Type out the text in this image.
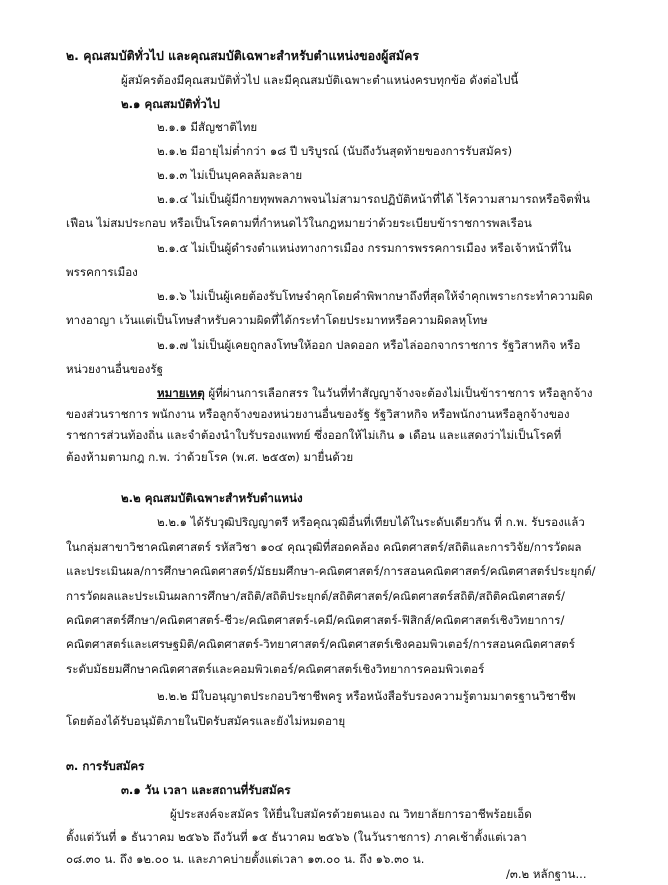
๒. คุณสมบัติทั่วไป และคุณสมบัติเฉพาะสำหรับตำแหน่งของผู้สมัคร
ผู้สมัครต้องมีคุณสมบัติทั่วไป และมีคุณสมบัติเฉพาะตำแหน่งครบทุกข้อ ดังต่อไปนี้
๒.๑ คุณสมบัติทั่วไป
๒.๑.๑ มีสัญชาติไทย
๒.๑.๒ มีอายุไม่ต่ำกว่า ๑๘ ปี บริบูรณ์ (นับถึงวันสุดท้ายของการรับสมัคร)
๒.๑.๓ ไม่เป็นบุคคลล้มละลาย
๒.๑.๔ ไม่เป็นผู้มีกายทุพพลภาพจนไม่สามารถปฏิบัติหน้าที่ได้ ไร้ความสามารถหรือจิตฟั่น
เฟือน ไม่สมประกอบ หรือเป็นโรคตามที่กำหนดไว้ในกฎหมายว่าด้วยระเบียบข้าราชการพลเรือน
๒.๑.๕ ไม่เป็นผู้ดำรงตำแหน่งทางการเมือง กรรมการพรรคการเมือง หรือเจ้าหน้าที่ใน
พรรคการเมือง
๒.๑.๖ ไม่เป็นผู้เคยต้องรับโทษจำคุกโดยคำพิพากษาถึงที่สุดให้จำคุกเพราะกระทำความผิด
ทางอาญา เว้นแต่เป็นโทษสำหรับความผิดที่ได้กระทำโดยประมาทหรือความผิดลหุโทษ
๒.๑.๗ ไม่เป็นผู้เคยถูกลงโทษให้ออก ปลดออก หรือไล่ออกจากราชการ รัฐวิสาหกิจ หรือ
หน่วยงานอื่นของรัฐ
หมายเหตุ ผู้ที่ผ่านการเลือกสรร ในวันที่ทำสัญญาจ้างจะต้องไม่เป็นข้าราชการ หรือลูกจ้าง
ของส่วนราชการ พนักงาน หรือลูกจ้างของหน่วยงานอื่นของรัฐ รัฐวิสาหกิจ หรือพนักงานหรือลูกจ้างของ
ราชการส่วนท้องถิ่น และจำต้องนำใบรับรองแพทย์ ซึ่งออกให้ไม่เกิน ๑ เดือน และแสดงว่าไม่เป็นโรคที่
ต้องห้ามตามกฎ ก.พ. ว่าด้วยโรค (พ.ศ. ๒๕๕๓) มายื่นด้วย
๒.๒ คุณสมบัติเฉพาะสำหรับตำแหน่ง
๒.๒.๑ ได้รับวุฒิปริญญาตรี หรือคุณวุฒิอื่นที่เทียบได้ในระดับเดียวกัน ที่ ก.พ. รับรองแล้ว
ในกลุ่มสาขาวิชาคณิตศาสตร์ รหัสวิชา ๑๐๔ คุณวุฒิที่สอดคล้อง คณิตศาสตร์/สถิติและการวิจัย/การวัดผล
และประเมินผล/การศึกษาคณิตศาสตร์/มัธยมศึกษา-คณิตศาสตร์/การสอนคณิตศาสตร์/คณิตศาสตร์ประยุกต์/
การวัดผลและประเมินผลการศึกษา/สถิติ/สถิติประยุกต์/สถิติศาสตร์/คณิตศาสตร์สถิติ/สถิติคณิตศาสตร์/
คณิตศาสตร์ศึกษา/คณิตศาสตร์-ชีวะ/คณิตศาสตร์-เคมี/คณิตศาสตร์-ฟิสิกส์/คณิตศาสตร์เชิงวิทยาการ/
คณิตศาสตร์และเศรษฐมิติ/คณิตศาสตร์-วิทยาศาสตร์/คณิตศาสตร์เชิงคอมพิวเตอร์/การสอนคณิตศาสตร์
ระดับมัธยมศึกษาคณิตศาสตร์และคอมพิวเตอร์/คณิตศาสตร์เชิงวิทยาการคอมพิวเตอร์
๒.๒.๒ มีใบอนุญาตประกอบวิชาชีพครู หรือหนังสือรับรองความรู้ตามมาตรฐานวิชาชีพ
โดยต้องได้รับอนุมัติภายในปิดรับสมัครและยังไม่หมดอายุ
๓. การรับสมัคร
๓.๑ วัน เวลา และสถานที่รับสมัคร
ผู้ประสงค์จะสมัคร ให้ยื่นใบสมัครด้วยตนเอง ณ วิทยาลัยการอาชีพร้อยเอ็ด
ตั้งแต่วันที่ ๑ ธันวาคม ๒๕๖๖ ถึงวันที่ ๑๕ ธันวาคม ๒๕๖๖ (ในวันราชการ) ภาคเช้าตั้งแต่เวลา
๐๘.๓๐ น. ถึง ๑๒.๐๐ น. และภาคบ่ายตั้งแต่เวลา ๑๓.๐๐ น. ถึง ๑๖.๓๐ น.
/๓.๒ หลักฐาน...
